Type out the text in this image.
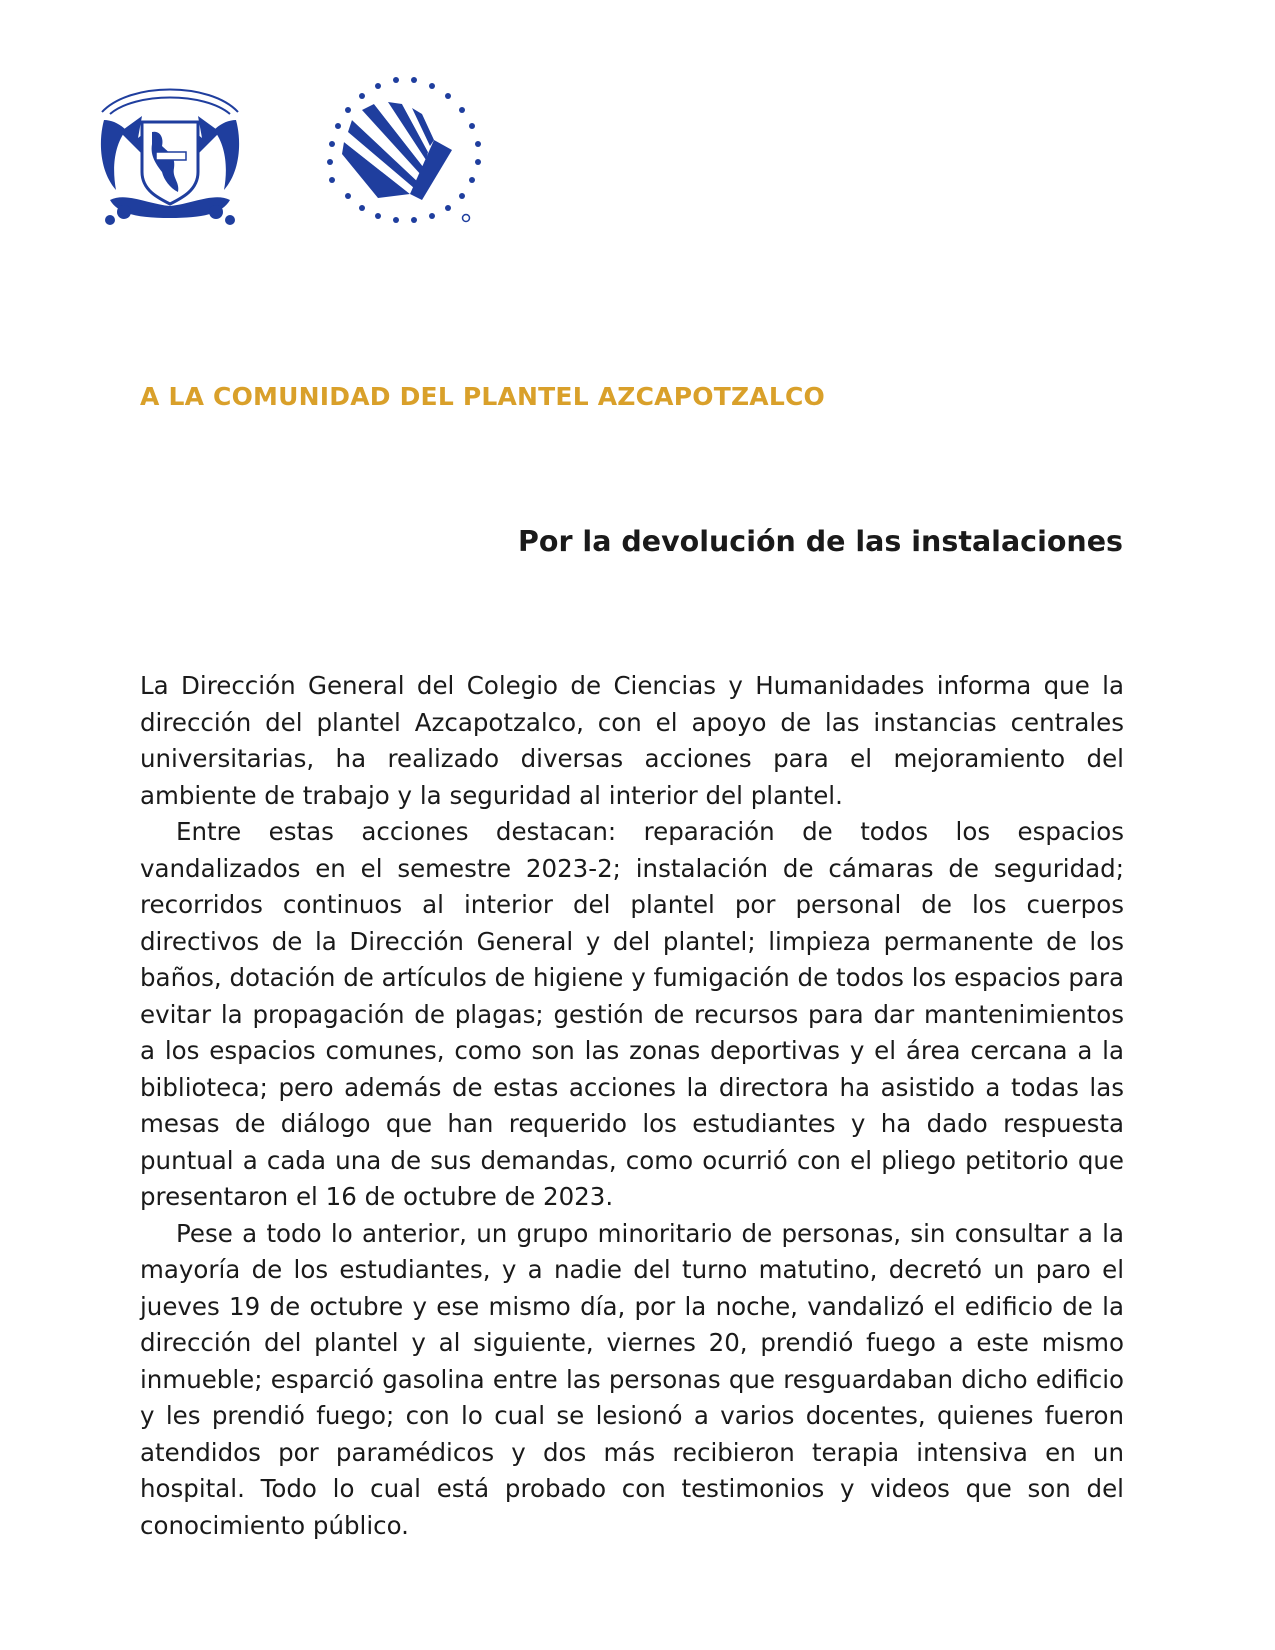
A LA COMUNIDAD DEL PLANTEL AZCAPOTZALCO
Por la devolución de las instalaciones

La Dirección General del Colegio de Ciencias y Humanidades informa que la dirección del plantel Azcapotzalco, con el apoyo de las instancias centrales universitarias, ha realizado diversas acciones para el mejoramiento del ambiente de trabajo y la seguridad al interior del plantel.

Entre estas acciones destacan: reparación de todos los espacios vandalizados en el semestre 2023-2; instalación de cámaras de seguridad; recorridos continuos al interior del plantel por personal de los cuerpos directivos de la Dirección General y del plantel; limpieza permanente de los baños, dotación de artículos de higiene y fumigación de todos los espacios para evitar la propagación de plagas; gestión de recursos para dar mantenimientos a los espacios comunes, como son las zonas deportivas y el área cercana a la biblioteca; pero además de estas acciones la directora ha asistido a todas las mesas de diálogo que han requerido los estudiantes y ha dado respuesta puntual a cada una de sus demandas, como ocurrió con el pliego petitorio que presentaron el 16 de octubre de 2023.

Pese a todo lo anterior, un grupo minoritario de personas, sin consultar a la mayoría de los estudiantes, y a nadie del turno matutino, decretó un paro el jueves 19 de octubre y ese mismo día, por la noche, vandalizó el edificio de la dirección del plantel y al siguiente, viernes 20, prendió fuego a este mismo inmueble; esparció gasolina entre las personas que resguardaban dicho edificio y les prendió fuego; con lo cual se lesionó a varios docentes, quienes fueron atendidos por paramédicos y dos más recibieron terapia intensiva en un hospital. Todo lo cual está probado con testimonios y videos que son del conocimiento público.
